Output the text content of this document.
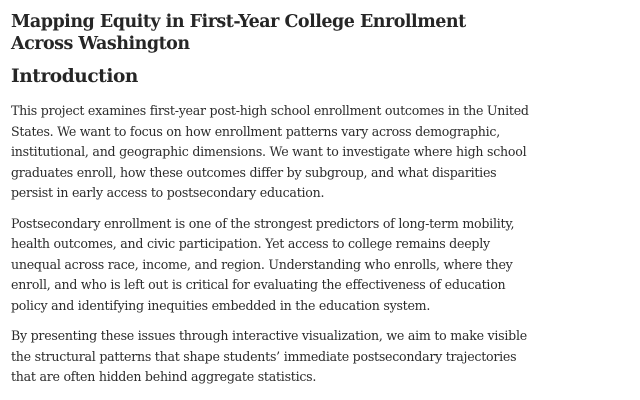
Mapping Equity in First-Year College Enrollment
Across Washington
Introduction

This project examines first-year post-high school enrollment outcomes in the United
States. We want to focus on how enrollment patterns vary across demographic,
institutional, and geographic dimensions. We want to investigate where high school
graduates enroll, how these outcomes differ by subgroup, and what disparities
persist in early access to postsecondary education.

Postsecondary enrollment is one of the strongest predictors of long-term mobility,
health outcomes, and civic participation. Yet access to college remains deeply
unequal across race, income, and region. Understanding who enrolls, where they
enroll, and who is left out is critical for evaluating the effectiveness of education
policy and identifying inequities embedded in the education system.

By presenting these issues through interactive visualization, we aim to make visible
the structural patterns that shape students’ immediate postsecondary trajectories
that are often hidden behind aggregate statistics.
